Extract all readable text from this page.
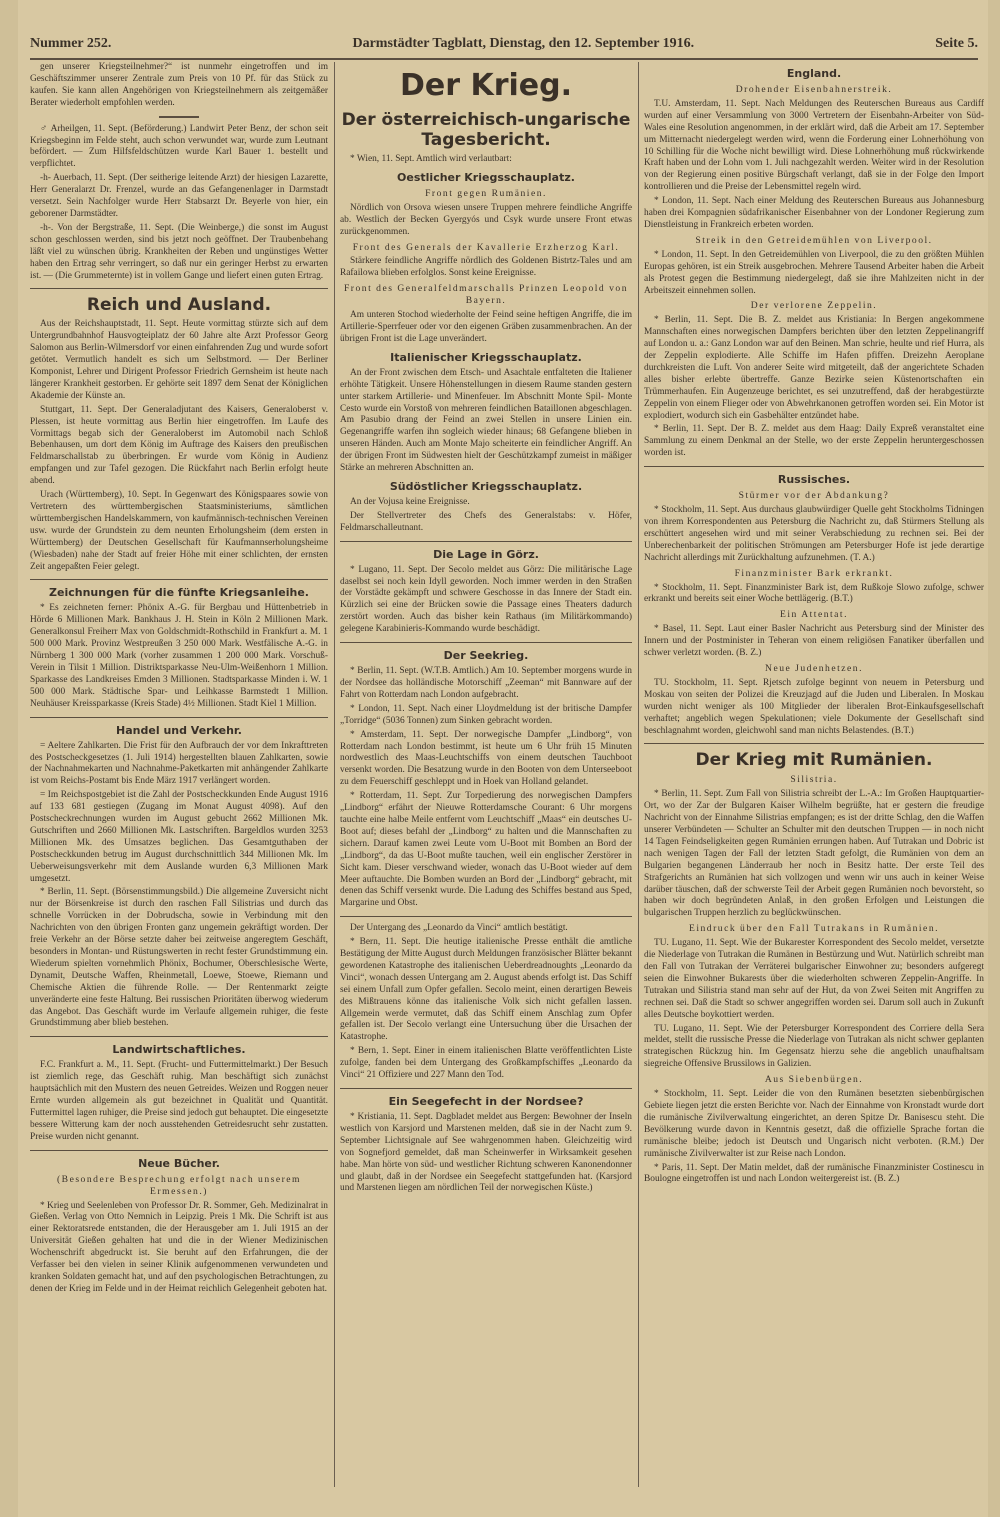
Nummer 252.	Darmstädter Tagblatt, Dienstag, den 12. September 1916.	Seite 5.

gen unserer Kriegsteilnehmer?“ ist nunmehr eingetroffen und im Geschäftszimmer unserer Zentrale zum Preis von 10 Pf. für das Stück zu kaufen. Sie kann allen Angehörigen von Kriegsteilnehmern als zeitgemäßer Berater wiederholt empfohlen werden.

♂ Arheilgen, 11. Sept. (Beförderung.) Landwirt Peter Benz, der schon seit Kriegsbeginn im Felde steht, auch schon verwundet war, wurde zum Leutnant befördert. — Zum Hilfsfeldschützen wurde Karl Bauer 1. bestellt und verpflichtet.

-h- Auerbach, 11. Sept. (Der seitherige leitende Arzt) der hiesigen Lazarette, Herr Generalarzt Dr. Frenzel, wurde an das Gefangenenlager in Darmstadt versetzt. Sein Nachfolger wurde Herr Stabsarzt Dr. Beyerle von hier, ein geborener Darmstädter.

-h-. Von der Bergstraße, 11. Sept. (Die Weinberge,) die sonst im August schon geschlossen werden, sind bis jetzt noch geöffnet. Der Traubenbehang läßt viel zu wünschen übrig. Krankheiten der Reben und ungünstiges Wetter haben den Ertrag sehr verringert, so daß nur ein geringer Herbst zu erwarten ist. — (Die Grummeternte) ist in vollem Gange und liefert einen guten Ertrag.

Reich und Ausland.

Aus der Reichshauptstadt, 11. Sept. Heute vormittag stürzte sich auf dem Untergrundbahnhof Hausvogteiplatz der 60 Jahre alte Arzt Professor Georg Salomon aus Berlin-Wilmersdorf vor einen einfahrenden Zug und wurde sofort getötet. Vermutlich handelt es sich um Selbstmord. — Der Berliner Komponist, Lehrer und Dirigent Professor Friedrich Gernsheim ist heute nach längerer Krankheit gestorben. Er gehörte seit 1897 dem Senat der Königlichen Akademie der Künste an.

Stuttgart, 11. Sept. Der Generaladjutant des Kaisers, Generaloberst v. Plessen, ist heute vormittag aus Berlin hier eingetroffen. Im Laufe des Vormittags begab sich der Generaloberst im Automobil nach Schloß Bebenhausen, um dort dem König im Auftrage des Kaisers den preußischen Feldmarschallstab zu überbringen. Er wurde vom König in Audienz empfangen und zur Tafel gezogen. Die Rückfahrt nach Berlin erfolgt heute abend.

Urach (Württemberg), 10. Sept. In Gegenwart des Königspaares sowie von Vertretern des württembergischen Staatsministeriums, sämtlichen württembergischen Handelskammern, von kaufmännisch-technischen Vereinen usw. wurde der Grundstein zu dem neunten Erholungsheim (dem ersten in Württemberg) der Deutschen Gesellschaft für Kaufmannserholungsheime (Wiesbaden) nahe der Stadt auf freier Höhe mit einer schlichten, der ernsten Zeit angepaßten Feier gelegt.

Zeichnungen für die fünfte Kriegsanleihe.

* Es zeichneten ferner: Phönix A.-G. für Bergbau und Hüttenbetrieb in Hörde 6 Millionen Mark. Bankhaus J. H. Stein in Köln 2 Millionen Mark. Generalkonsul Freiherr Max von Goldschmidt-Rothschild in Frankfurt a. M. 1 500 000 Mark. Provinz Westpreußen 3 250 000 Mark. Westfälische A.-G. in Nürnberg 1 300 000 Mark (vorher zusammen 1 200 000 Mark. Vorschuß-Verein in Tilsit 1 Million. Distriktsparkasse Neu-Ulm-Weißenhorn 1 Million. Sparkasse des Landkreises Emden 3 Millionen. Stadtsparkasse Minden i. W. 1 500 000 Mark. Städtische Spar- und Leihkasse Barmstedt 1 Million. Neuhäuser Kreissparkasse (Kreis Stade) 4½ Millionen. Stadt Kiel 1 Million.

Handel und Verkehr.

= Aeltere Zahlkarten. Die Frist für den Aufbrauch der vor dem Inkrafttreten des Postscheckgesetzes (1. Juli 1914) hergestellten blauen Zahlkarten, sowie der Nachnahmekarten und Nachnahme-Paketkarten mit anhängender Zahlkarte ist vom Reichs-Postamt bis Ende März 1917 verlängert worden.

= Im Reichspostgebiet ist die Zahl der Postscheckkunden Ende August 1916 auf 133 681 gestiegen (Zugang im Monat August 4098). Auf den Postscheckrechnungen wurden im August gebucht 2662 Millionen Mk. Gutschriften und 2660 Millionen Mk. Lastschriften. Bargeldlos wurden 3253 Millionen Mk. des Umsatzes beglichen. Das Gesamtguthaben der Postscheckkunden betrug im August durchschnittlich 344 Millionen Mk. Im Ueberweisungsverkehr mit dem Auslande wurden 6,3 Millionen Mark umgesetzt.

* Berlin, 11. Sept. (Börsenstimmungsbild.) Die allgemeine Zuversicht nicht nur der Börsenkreise ist durch den raschen Fall Silistrias und durch das schnelle Vorrücken in der Dobrudscha, sowie in Verbindung mit den Nachrichten von den übrigen Fronten ganz ungemein gekräftigt worden. Der freie Verkehr an der Börse setzte daher bei zeitweise angeregtem Geschäft, besonders in Montan- und Rüstungswerten in recht fester Grundstimmung ein. Wiederum spielten vornehmlich Phönix, Bochumer, Oberschlesische Werte, Dynamit, Deutsche Waffen, Rheinmetall, Loewe, Stoewe, Riemann und Chemische Aktien die führende Rolle. — Der Rentenmarkt zeigte unveränderte eine feste Haltung. Bei russischen Prioritäten überwog wiederum das Angebot. Das Geschäft wurde im Verlaufe allgemein ruhiger, die feste Grundstimmung aber blieb bestehen.

Landwirtschaftliches.

F.C. Frankfurt a. M., 11. Sept. (Frucht- und Futtermittelmarkt.) Der Besuch ist ziemlich rege, das Geschäft ruhig. Man beschäftigt sich zunächst hauptsächlich mit den Mustern des neuen Getreides. Weizen und Roggen neuer Ernte wurden allgemein als gut bezeichnet in Qualität und Quantität. Futtermittel lagen ruhiger, die Preise sind jedoch gut behauptet. Die eingesetzte bessere Witterung kam der noch ausstehenden Getreidesrucht sehr zustatten. Preise wurden nicht genannt.

Neue Bücher.
(Besondere Besprechung erfolgt nach unserem Ermessen.)

* Krieg und Seelenleben von Professor Dr. R. Sommer, Geh. Medizinalrat in Gießen. Verlag von Otto Nemnich in Leipzig. Preis 1 Mk. Die Schrift ist aus einer Rektoratsrede entstanden, die der Herausgeber am 1. Juli 1915 an der Universität Gießen gehalten hat und die in der Wiener Medizinischen Wochenschrift abgedruckt ist. Sie beruht auf den Erfahrungen, die der Verfasser bei den vielen in seiner Klinik aufgenommenen verwundeten und kranken Soldaten gemacht hat, und auf den psychologischen Betrachtungen, zu denen der Krieg im Felde und in der Heimat reichlich Gelegenheit geboten hat.

Der Krieg.
Der österreichisch-ungarische Tagesbericht.

* Wien, 11. Sept. Amtlich wird verlautbart:

Oestlicher Kriegsschauplatz.
Front gegen Rumänien.

Nördlich von Orsova wiesen unsere Truppen mehrere feindliche Angriffe ab. Westlich der Becken Gyergyós und Csyk wurde unsere Front etwas zurückgenommen.

Front des Generals der Kavallerie Erzherzog Karl.

Stärkere feindliche Angriffe nördlich des Goldenen Bistrtz-Tales und am Rafailowa blieben erfolglos. Sonst keine Ereignisse.

Front des Generalfeldmarschalls Prinzen Leopold von Bayern.

Am unteren Stochod wiederholte der Feind seine heftigen Angriffe, die im Artillerie-Sperrfeuer oder vor den eigenen Gräben zusammenbrachen. An der übrigen Front ist die Lage unverändert.

Italienischer Kriegsschauplatz.

An der Front zwischen dem Etsch- und Asachtale entfalteten die Italiener erhöhte Tätigkeit. Unsere Höhenstellungen in diesem Raume standen gestern unter starkem Artillerie- und Minenfeuer. Im Abschnitt Monte Spil- Monte Cesto wurde ein Vorstoß von mehreren feindlichen Bataillonen abgeschlagen. Am Pasubio drang der Feind an zwei Stellen in unsere Linien ein. Gegenangriffe warfen ihn sogleich wieder hinaus; 68 Gefangene blieben in unseren Händen. Auch am Monte Majo scheiterte ein feindlicher Angriff. An der übrigen Front im Südwesten hielt der Geschützkampf zumeist in mäßiger Stärke an mehreren Abschnitten an.

Südöstlicher Kriegsschauplatz.

An der Vojusa keine Ereignisse.

Der Stellvertreter des Chefs des Generalstabs: v. Höfer, Feldmarschalleutnant.

Die Lage in Görz.

* Lugano, 11. Sept. Der Secolo meldet aus Görz: Die militärische Lage daselbst sei noch kein Idyll geworden. Noch immer werden in den Straßen der Vorstädte gekämpft und schwere Geschosse in das Innere der Stadt ein. Kürzlich sei eine der Brücken sowie die Passage eines Theaters dadurch zerstört worden. Auch das bisher kein Rathaus (im Militärkommando) gelegene Karabinieris-Kommando wurde beschädigt.

Der Seekrieg.

* Berlin, 11. Sept. (W.T.B. Amtlich.) Am 10. September morgens wurde in der Nordsee das holländische Motorschiff „Zeeman“ mit Bannware auf der Fahrt von Rotterdam nach London aufgebracht.

* London, 11. Sept. Nach einer Lloydmeldung ist der britische Dampfer „Torridge“ (5036 Tonnen) zum Sinken gebracht worden.

* Amsterdam, 11. Sept. Der norwegische Dampfer „Lindborg“, von Rotterdam nach London bestimmt, ist heute um 6 Uhr früh 15 Minuten nordwestlich des Maas-Leuchtschiffs von einem deutschen Tauchboot versenkt worden. Die Besatzung wurde in den Booten von dem Unterseeboot zu dem Feuerschiff geschleppt und in Hoek van Holland gelandet.

* Rotterdam, 11. Sept. Zur Torpedierung des norwegischen Dampfers „Lindborg“ erfährt der Nieuwe Rotterdamsche Courant: 6 Uhr morgens tauchte eine halbe Meile entfernt vom Leuchtschiff „Maas“ ein deutsches U-Boot auf; dieses befahl der „Lindborg“ zu halten und die Mannschaften zu sichern. Darauf kamen zwei Leute vom U-Boot mit Bomben an Bord der „Lindborg“, da das U-Boot mußte tauchen, weil ein englischer Zerstörer in Sicht kam. Dieser verschwand wieder, wonach das U-Boot wieder auf dem Meer auftauchte. Die Bomben wurden an Bord der „Lindborg“ gebracht, mit denen das Schiff versenkt wurde. Die Ladung des Schiffes bestand aus Sped, Margarine und Obst.

Der Untergang des „Leonardo da Vinci“ amtlich bestätigt.

* Bern, 11. Sept. Die heutige italienische Presse enthält die amtliche Bestätigung der Mitte August durch Meldungen französischer Blätter bekannt gewordenen Katastrophe des italienischen Ueberdreadnoughts „Leonardo da Vinci“, wonach dessen Untergang am 2. August abends erfolgt ist. Das Schiff sei einem Unfall zum Opfer gefallen. Secolo meint, einen derartigen Beweis des Mißtrauens könne das italienische Volk sich nicht gefallen lassen. Allgemein werde vermutet, daß das Schiff einem Anschlag zum Opfer gefallen ist. Der Secolo verlangt eine Untersuchung über die Ursachen der Katastrophe.

* Bern, 1. Sept. Einer in einem italienischen Blatte veröffentlichten Liste zufolge, fanden bei dem Untergang des Großkampfschiffes „Leonardo da Vinci“ 21 Offiziere und 227 Mann den Tod.

Ein Seegefecht in der Nordsee?

* Kristiania, 11. Sept. Dagbladet meldet aus Bergen: Bewohner der Inseln westlich von Karsjord und Marstenen melden, daß sie in der Nacht zum 9. September Lichtsignale auf See wahrgenommen haben. Gleichzeitig wird von Sognefjord gemeldet, daß man Scheinwerfer in Wirksamkeit gesehen habe. Man hörte von süd- und westlicher Richtung schweren Kanonendonner und glaubt, daß in der Nordsee ein Seegefecht stattgefunden hat. (Karsjord und Marstenen liegen am nördlichen Teil der norwegischen Küste.)

England.
Drohender Eisenbahnerstreik.

T.U. Amsterdam, 11. Sept. Nach Meldungen des Reuterschen Bureaus aus Cardiff wurden auf einer Versammlung von 3000 Vertretern der Eisenbahn-Arbeiter von Süd-Wales eine Resolution angenommen, in der erklärt wird, daß die Arbeit am 17. September um Mitternacht niedergelegt werden wird, wenn die Forderung einer Lohnerhöhung von 10 Schilling für die Woche nicht bewilligt wird. Diese Lohnerhöhung muß rückwirkende Kraft haben und der Lohn vom 1. Juli nachgezahlt werden. Weiter wird in der Resolution von der Regierung einen positive Bürgschaft verlangt, daß sie in der Folge den Import kontrollieren und die Preise der Lebensmittel regeln wird.

* London, 11. Sept. Nach einer Meldung des Reuterschen Bureaus aus Johannesburg haben drei Kompagnien südafrikanischer Eisenbahner von der Londoner Regierung zum Dienstleistung in Frankreich erbeten worden.

Streik in den Getreidemühlen von Liverpool.

* London, 11. Sept. In den Getreidemühlen von Liverpool, die zu den größten Mühlen Europas gehören, ist ein Streik ausgebrochen. Mehrere Tausend Arbeiter haben die Arbeit als Protest gegen die Bestimmung niedergelegt, daß sie ihre Mahlzeiten nicht in der Arbeitszeit einnehmen sollen.

Der verlorene Zeppelin.

* Berlin, 11. Sept. Die B. Z. meldet aus Kristiania: In Bergen angekommene Mannschaften eines norwegischen Dampfers berichten über den letzten Zeppelinangriff auf London u. a.: Ganz London war auf den Beinen. Man schrie, heulte und rief Hurra, als der Zeppelin explodierte. Alle Schiffe im Hafen pfiffen. Dreizehn Aeroplane durchkreisten die Luft. Von anderer Seite wird mitgeteilt, daß der angerichtete Schaden alles bisher erlebte übertreffe. Ganze Bezirke seien Küstenortschaften ein Trümmerhaufen. Ein Augenzeuge berichtet, es sei unzutreffend, daß der herabgestürzte Zeppelin von einem Flieger oder von Abwehrkanonen getroffen worden sei. Ein Motor ist explodiert, wodurch sich ein Gasbehälter entzündet habe.

* Berlin, 11. Sept. Der B. Z. meldet aus dem Haag: Daily Expreß veranstaltet eine Sammlung zu einem Denkmal an der Stelle, wo der erste Zeppelin heruntergeschossen worden ist.

Russisches.
Stürmer vor der Abdankung?

* Stockholm, 11. Sept. Aus durchaus glaubwürdiger Quelle geht Stockholms Tidningen von ihrem Korrespondenten aus Petersburg die Nachricht zu, daß Stürmers Stellung als erschüttert angesehen wird und mit seiner Verabschiedung zu rechnen sei. Bei der Unberechenbarkeit der politischen Strömungen am Petersburger Hofe ist jede derartige Nachricht allerdings mit Zurückhaltung aufzunehmen. (T. A.)

Finanzminister Bark erkrankt.

* Stockholm, 11. Sept. Finanzminister Bark ist, dem Rußkoje Slowo zufolge, schwer erkrankt und bereits seit einer Woche bettlägerig. (B.T.)

Ein Attentat.

* Basel, 11. Sept. Laut einer Basler Nachricht aus Petersburg sind der Minister des Innern und der Postminister in Teheran von einem religiösen Fanatiker überfallen und schwer verletzt worden. (B. Z.)

Neue Judenhetzen.

TU. Stockholm, 11. Sept. Rjetsch zufolge beginnt von neuem in Petersburg und Moskau von seiten der Polizei die Kreuzjagd auf die Juden und Liberalen. In Moskau wurden nicht weniger als 100 Mitglieder der liberalen Brot-Einkaufsgesellschaft verhaftet; angeblich wegen Spekulationen; viele Dokumente der Gesellschaft sind beschlagnahmt worden, gleichwohl sand man nichts Belastendes. (B.T.)

Der Krieg mit Rumänien.
Silistria.

* Berlin, 11. Sept. Zum Fall von Silistria schreibt der L.-A.: Im Großen Hauptquartier-Ort, wo der Zar der Bulgaren Kaiser Wilhelm begrüßte, hat er gestern die freudige Nachricht von der Einnahme Silistrias empfangen; es ist der dritte Schlag, den die Waffen unserer Verbündeten — Schulter an Schulter mit den deutschen Truppen — in noch nicht 14 Tagen Feindseligkeiten gegen Rumänien errungen haben. Auf Tutrakan und Dobric ist nach wenigen Tagen der Fall der letzten Stadt gefolgt, die Rumänien von dem an Bulgarien begangenen Länderraub her noch in Besitz hatte. Der erste Teil des Strafgerichts an Rumänien hat sich vollzogen und wenn wir uns auch in keiner Weise darüber täuschen, daß der schwerste Teil der Arbeit gegen Rumänien noch bevorsteht, so haben wir doch begründeten Anlaß, in den großen Erfolgen und Leistungen die bulgarischen Truppen herzlich zu beglückwünschen.

Eindruck über den Fall Tutrakans in Rumänien.

TU. Lugano, 11. Sept. Wie der Bukarester Korrespondent des Secolo meldet, versetzte die Niederlage von Tutrakan die Rumänen in Bestürzung und Wut. Natürlich schreibt man den Fall von Tutrakan der Verräterei bulgarischer Einwohner zu; besonders aufgeregt seien die Einwohner Bukarests über die wiederholten schweren Zeppelin-Angriffe. In Tutrakan und Silistria stand man sehr auf der Hut, da von Zwei Seiten mit Angriffen zu rechnen sei. Daß die Stadt so schwer angegriffen worden sei. Darum soll auch in Zukunft alles Deutsche boykottiert werden.

TU. Lugano, 11. Sept. Wie der Petersburger Korrespondent des Corriere della Sera meldet, stellt die russische Presse die Niederlage von Tutrakan als nicht schwer geplanten strategischen Rückzug hin. Im Gegensatz hierzu sehe die angeblich unaufhaltsam siegreiche Offensive Brussilows in Galizien.

Aus Siebenbürgen.

* Stockholm, 11. Sept. Leider die von den Rumänen besetzten siebenbürgischen Gebiete liegen jetzt die ersten Berichte vor. Nach der Einnahme von Kronstadt wurde dort die rumänische Zivilverwaltung eingerichtet, an deren Spitze Dr. Banisescu steht. Die Bevölkerung wurde davon in Kenntnis gesetzt, daß die offizielle Sprache fortan die rumänische bleibe; jedoch ist Deutsch und Ungarisch nicht verboten. (R.M.) Der rumänische Zivilverwalter ist zur Reise nach London.

* Paris, 11. Sept. Der Matin meldet, daß der rumänische Finanzminister Costinescu in Boulogne eingetroffen ist und nach London weitergereist ist. (B. Z.)
